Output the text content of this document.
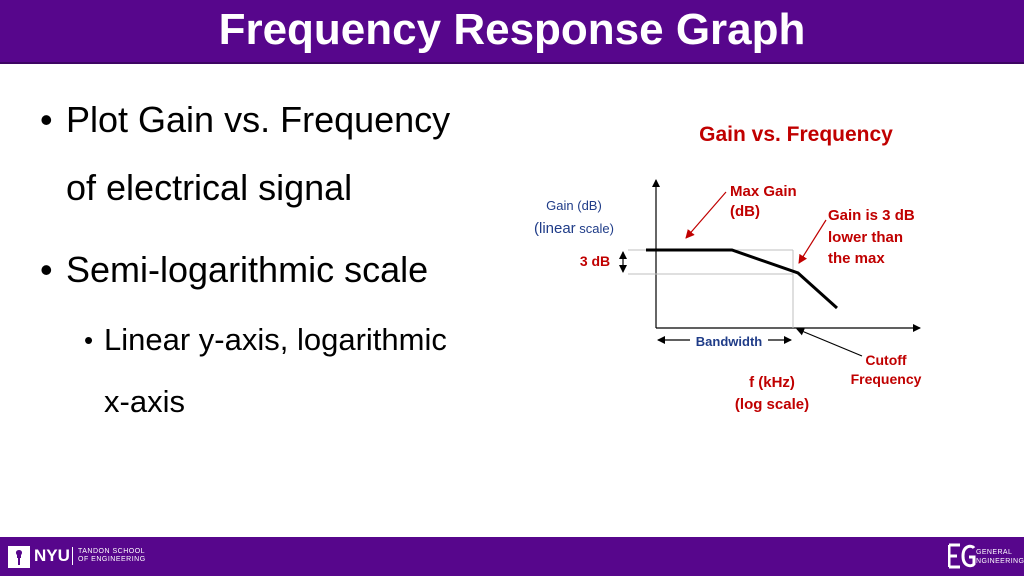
Frequency Response Graph
• Plot Gain vs. Frequency
of electrical signal
• Semi-logarithmic scale
• Linear y-axis, logarithmic
x-axis
Gain vs. Frequency
Gain (dB)
(linear scale)
3 dB
Max Gain
(dB)	Gain is 3 dB
lower than
the max
Bandwidth
Cutoff
Frequency
f (kHz)
(log scale)
NYU TANDON SCHOOL
OF ENGINEERING
GENERAL
NGINEERING
